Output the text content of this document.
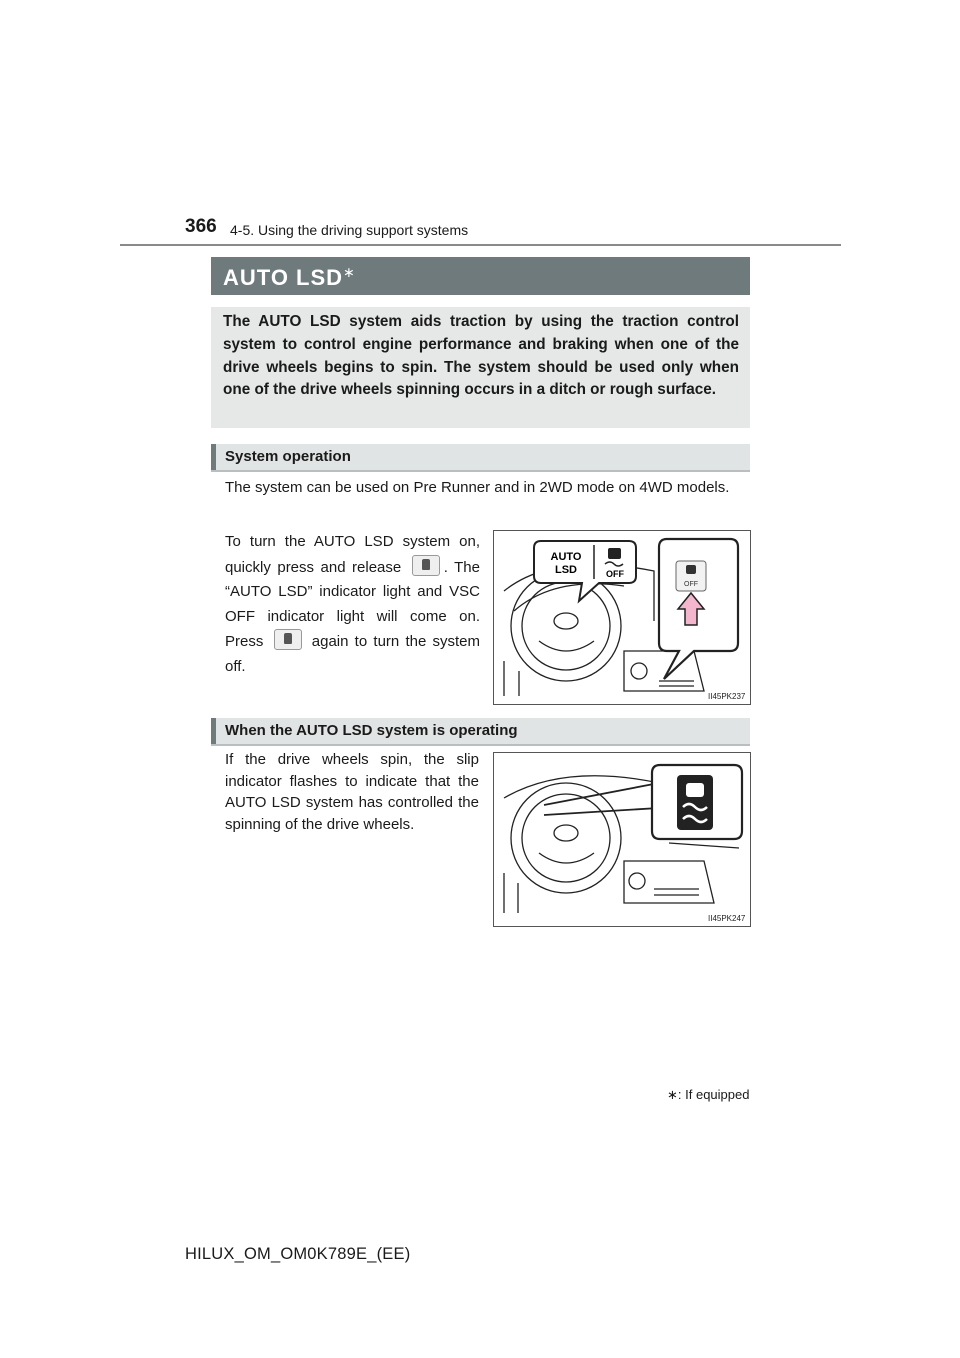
366 4-5. Using the driving support systems
AUTO LSD∗
The AUTO LSD system aids traction by using the traction control system to control engine performance and braking when one of the drive wheels begins to spin. The system should be used only when one of the drive wheels spinning occurs in a ditch or rough surface.
System operation
The system can be used on Pre Runner and in 2WD mode on 4WD models.
To turn the AUTO LSD system on, quickly press and release	. The “AUTO LSD” indicator light and VSC OFF indicator light will come on. Press	again to turn the system off.
AUTO
LSD	OFF
OFF
II45PK237
When the AUTO LSD system is operating
If the drive wheels spin, the slip indicator flashes to indicate that the AUTO LSD system has controlled the spinning of the drive wheels.
II45PK247
∗: If equipped
HILUX_OM_OM0K789E_(EE)
